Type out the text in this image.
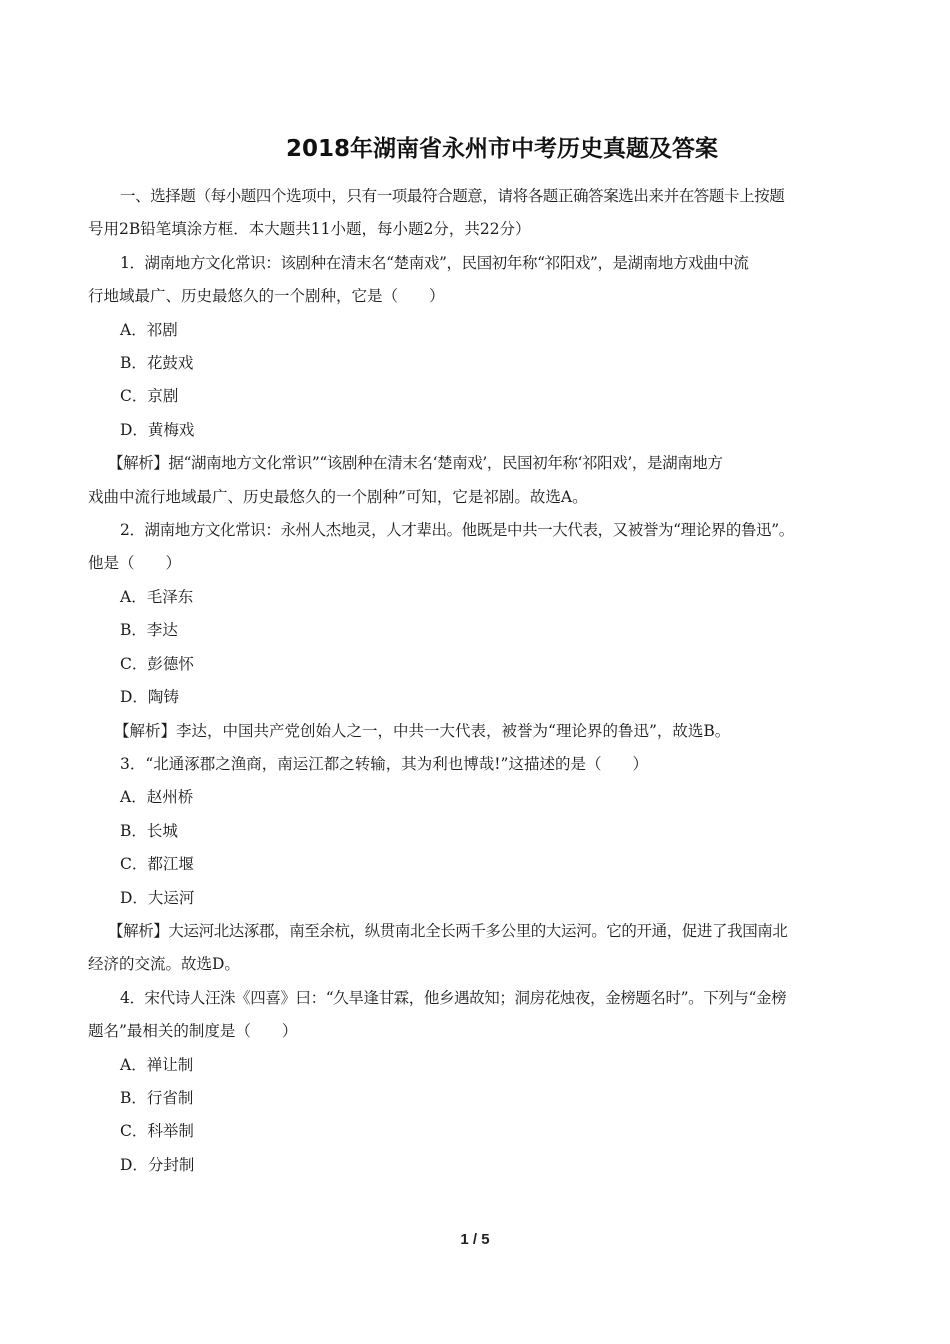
2018年湖南省永州市中考历史真题及答案

一、选择题（每小题四个选项中，只有一项最符合题意，请将各题正确答案选出来并在答题卡上按题

号用2B铅笔填涂方框．本大题共11小题，每小题2分，共22分）

1．湖南地方文化常识：该剧种在清末名“楚南戏”，民国初年称“祁阳戏”，是湖南地方戏曲中流

行地域最广、历史最悠久的一个剧种，它是（　　）

A．祁剧

B．花鼓戏

C．京剧

D．黄梅戏

【解析】据“湖南地方文化常识”“该剧种在清末名‘楚南戏’，民国初年称‘祁阳戏’，是湖南地方

戏曲中流行地域最广、历史最悠久的一个剧种”可知，它是祁剧。故选A。

2．湖南地方文化常识：永州人杰地灵，人才辈出。他既是中共一大代表，又被誉为“理论界的鲁迅”。

他是（　　）

A．毛泽东

B．李达

C．彭德怀

D．陶铸

【解析】李达，中国共产党创始人之一，中共一大代表，被誉为“理论界的鲁迅”，故选B。

3．“北通涿郡之渔商，南运江都之转输，其为利也博哉!”这描述的是（　　）

A．赵州桥

B．长城

C．都江堰

D．大运河

【解析】大运河北达涿郡，南至余杭，纵贯南北全长两千多公里的大运河。它的开通，促进了我国南北

经济的交流。故选D。

4．宋代诗人汪洙《四喜》曰：“久旱逢甘霖，他乡遇故知；洞房花烛夜，金榜题名时”。下列与“金榜

题名”最相关的制度是（　　）

A．禅让制

B．行省制

C．科举制

D．分封制

1 / 5
